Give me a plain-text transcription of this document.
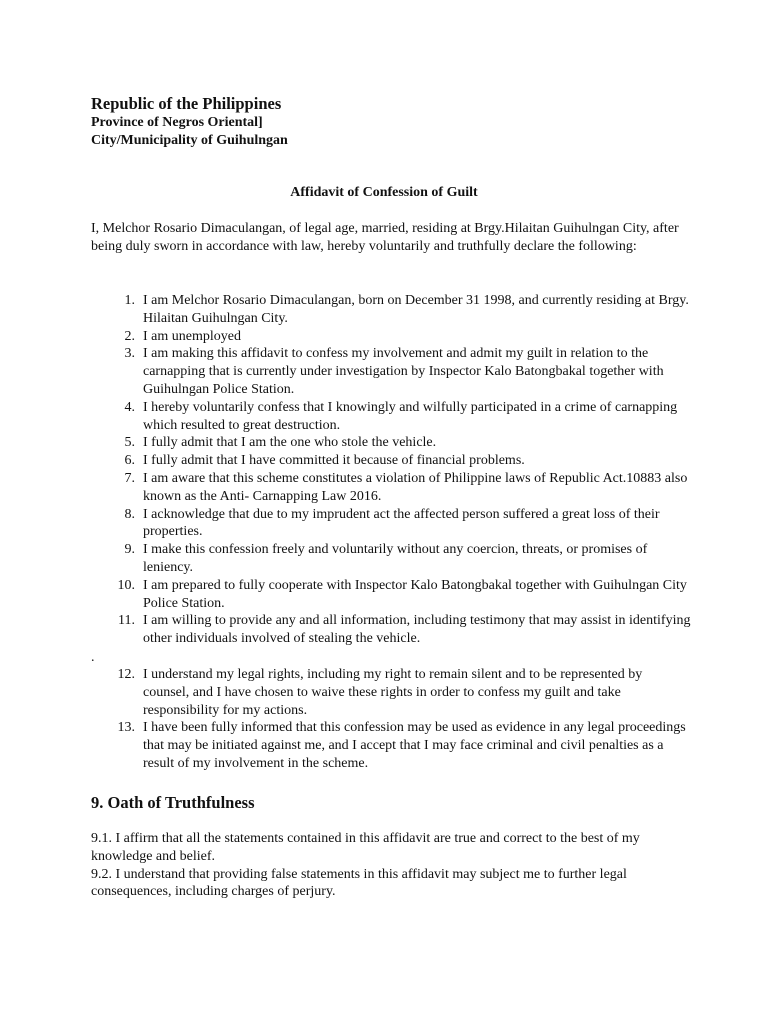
Republic of the Philippines
Province of Negros Oriental]
City/Municipality of Guihulngan
Affidavit of Confession of Guilt

I, Melchor Rosario Dimaculangan, of legal age, married, residing at Brgy.Hilaitan Guihulngan City, after being duly sworn in accordance with law, hereby voluntarily and truthfully declare the following:

1.
I am Melchor Rosario Dimaculangan, born on December 31 1998, and currently residing at Brgy. Hilaitan Guihulngan City.
2.
I am unemployed
3.
I am making this affidavit to confess my involvement and admit my guilt in relation to the carnapping that is currently under investigation by Inspector Kalo Batongbakal together with Guihulngan Police Station.
4.
I hereby voluntarily confess that I knowingly and wilfully participated in a crime of carnapping which resulted to great destruction.
5.
I fully admit that I am the one who stole the vehicle.
6.
I fully admit that I have committed it because of financial problems.
7.
I am aware that this scheme constitutes a violation of Philippine laws of Republic Act.10883 also known as the Anti- Carnapping Law 2016.
8.
I acknowledge that due to my imprudent act the affected person suffered a great loss of their properties.
9.
I make this confession freely and voluntarily without any coercion, threats, or promises of leniency.
10.
I am prepared to fully cooperate with Inspector Kalo Batongbakal together with Guihulngan City Police Station.
11.
I am willing to provide any and all information, including testimony that may assist in identifying other individuals involved of stealing the vehicle.
.
12.
I understand my legal rights, including my right to remain silent and to be represented by counsel, and I have chosen to waive these rights in order to confess my guilt and take responsibility for my actions.
13.
I have been fully informed that this confession may be used as evidence in any legal proceedings that may be initiated against me, and I accept that I may face criminal and civil penalties as a result of my involvement in the scheme.
9. Oath of Truthfulness

9.1. I affirm that all the statements contained in this affidavit are true and correct to the best of my knowledge and belief.

9.2. I understand that providing false statements in this affidavit may subject me to further legal consequences, including charges of perjury.
